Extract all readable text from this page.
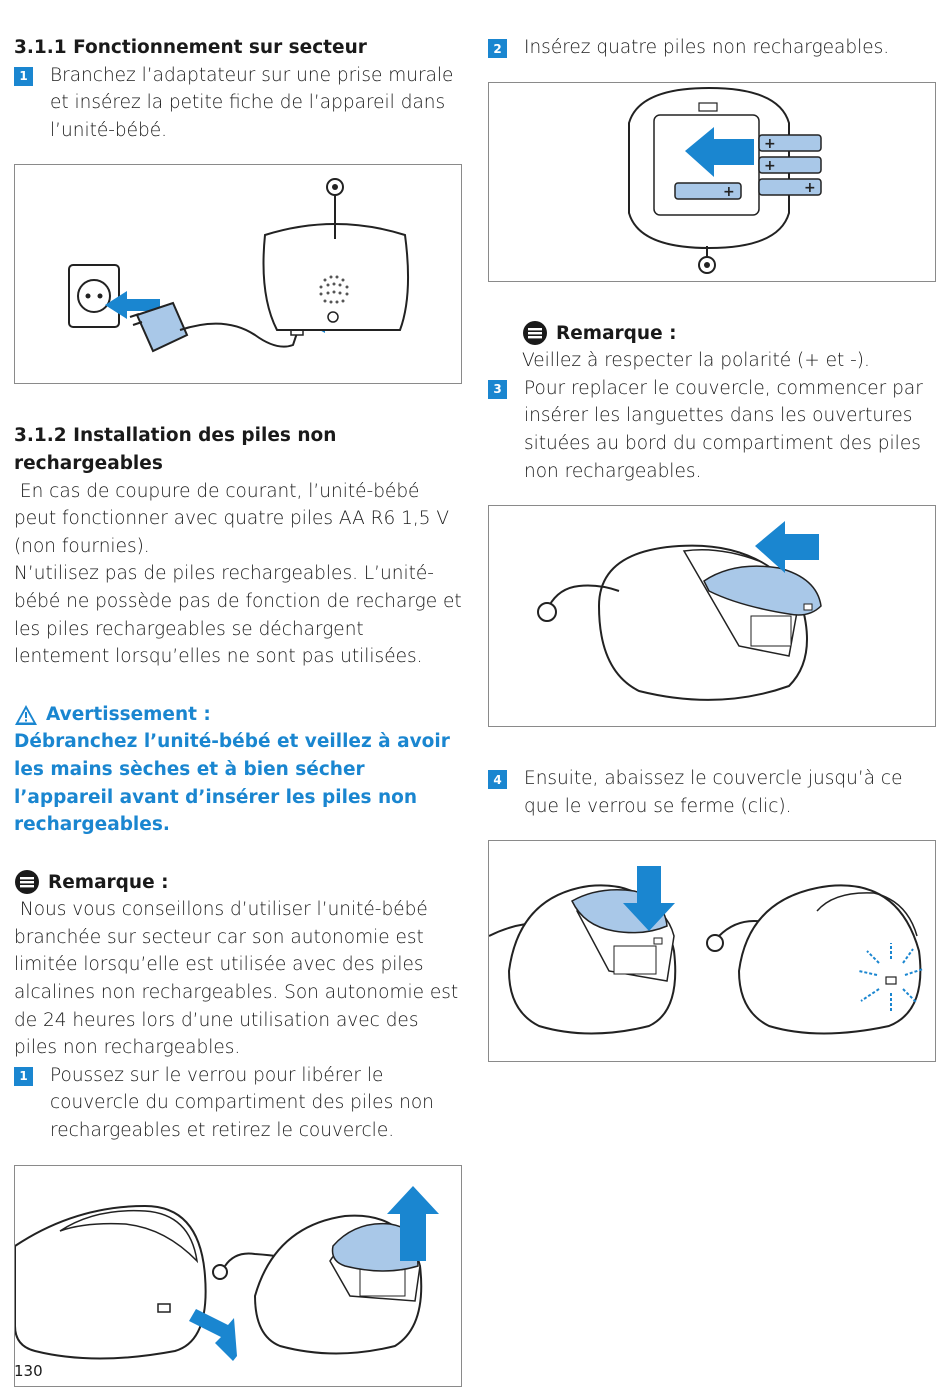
3.1.1 Fonctionnement sur secteur
1 Branchez l’adaptateur sur une prise murale et insérez la petite fiche de l’appareil dans l’unité-bébé.
3.1.2 Installation des piles non rechargeables
En cas de coupure de courant, l’unité-bébé peut fonctionner avec quatre piles AA R6 1,5 V (non fournies).
N’utilisez pas de piles rechargeables. L’unité-bébé ne possède pas de fonction de recharge et les piles rechargeables se déchargent lentement lorsqu’elles ne sont pas utilisées.
Avertissement :
Débranchez l’unité-bébé et veillez à avoir les mains sèches et à bien sécher l’appareil avant d’insérer les piles non rechargeables.
Remarque :
Nous vous conseillons d’utiliser l’unité-bébé branchée sur secteur car son autonomie est limitée lorsqu’elle est utilisée avec des piles alcalines non rechargeables. Son autonomie est de 24 heures lors d’une utilisation avec des piles non rechargeables.
1 Poussez sur le verrou pour libérer le couvercle du compartiment des piles non rechargeables et retirez le couvercle.
2 Insérez quatre piles non rechargeables.
+
+
+
+
Remarque :
Veillez à respecter la polarité (+ et -).
3 Pour replacer le couvercle, commencer par insérer les languettes dans les ouvertures situées au bord du compartiment des piles non rechargeables.
4 Ensuite, abaissez le couvercle jusqu’à ce que le verrou se ferme (clic).
130
